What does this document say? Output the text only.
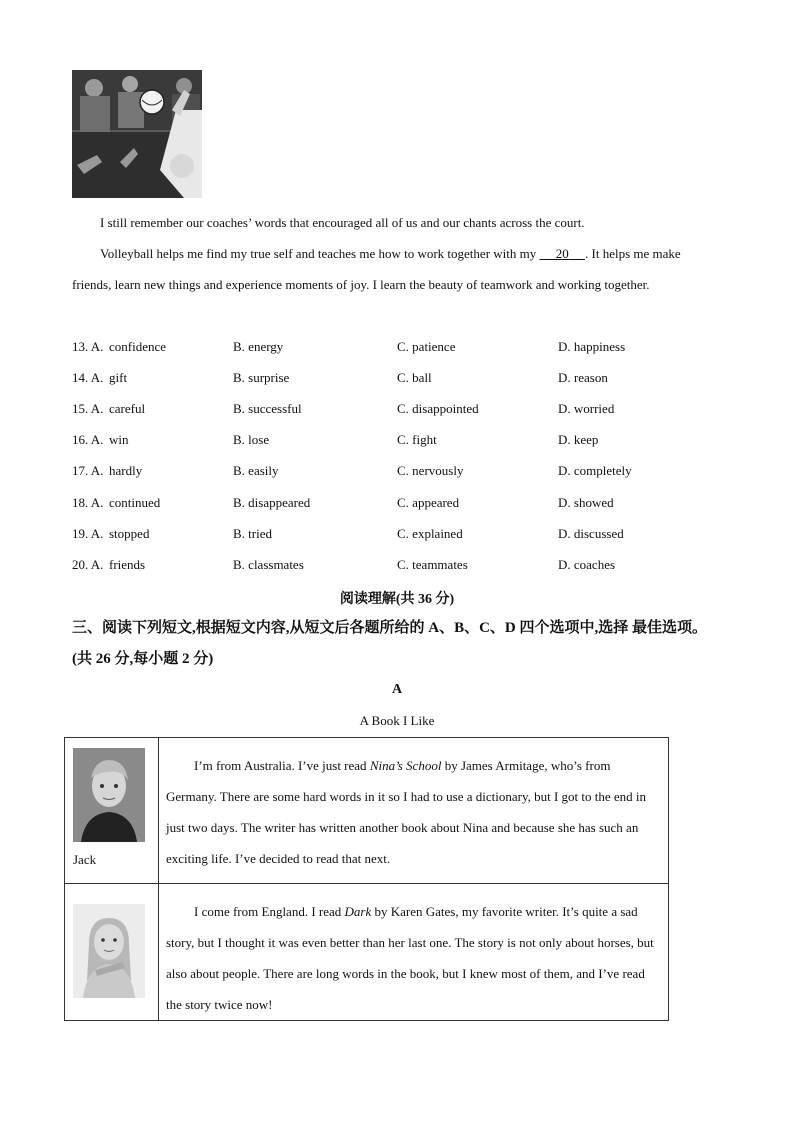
I still remember our coaches’ words that encouraged all of us and our chants across the court.
Volleyball helps me find my true self and teaches me how to work together with my      20 . It helps me make friends, learn new things and experience moments of joy. I learn the beauty of teamwork and working together.
13. A. confidence	B. energy	C. patience	D. happiness
14. A. gift	B. surprise	C. ball	D. reason
15. A. careful	B. successful	C. disappointed	D. worried
16. A. win	B. lose	C. fight	D. keep
17. A. hardly	B. easily	C. nervously	D. completely
18. A. continued	B. disappeared	C. appeared	D. showed
19. A. stopped	B. tried	C. explained	D. discussed
20. A. friends	B. classmates	C. teammates	D. coaches
阅读理解(共 36 分)
三、阅读下列短文,根据短文内容,从短文后各题所给的 A、B、C、D 四个选项中,选择 最佳选项。(共 26 分,每小题 2 分)
A
A Book I Like
Jack	I’m from Australia. I’ve just read Nina’s School by James Armitage, who’s from Germany. There are some hard words in it so I had to use a dictionary, but I got to the end in just two days. The writer has written another book about Nina and because she has such an exciting life. I’ve decided to read that next.

	I come from England. I read Dark by Karen Gates, my favorite writer. It’s quite a sad story, but I thought it was even better than her last one. The story is not only about horses, but also about people. There are long words in the book, but I knew most of them, and I’ve read the story twice now!
